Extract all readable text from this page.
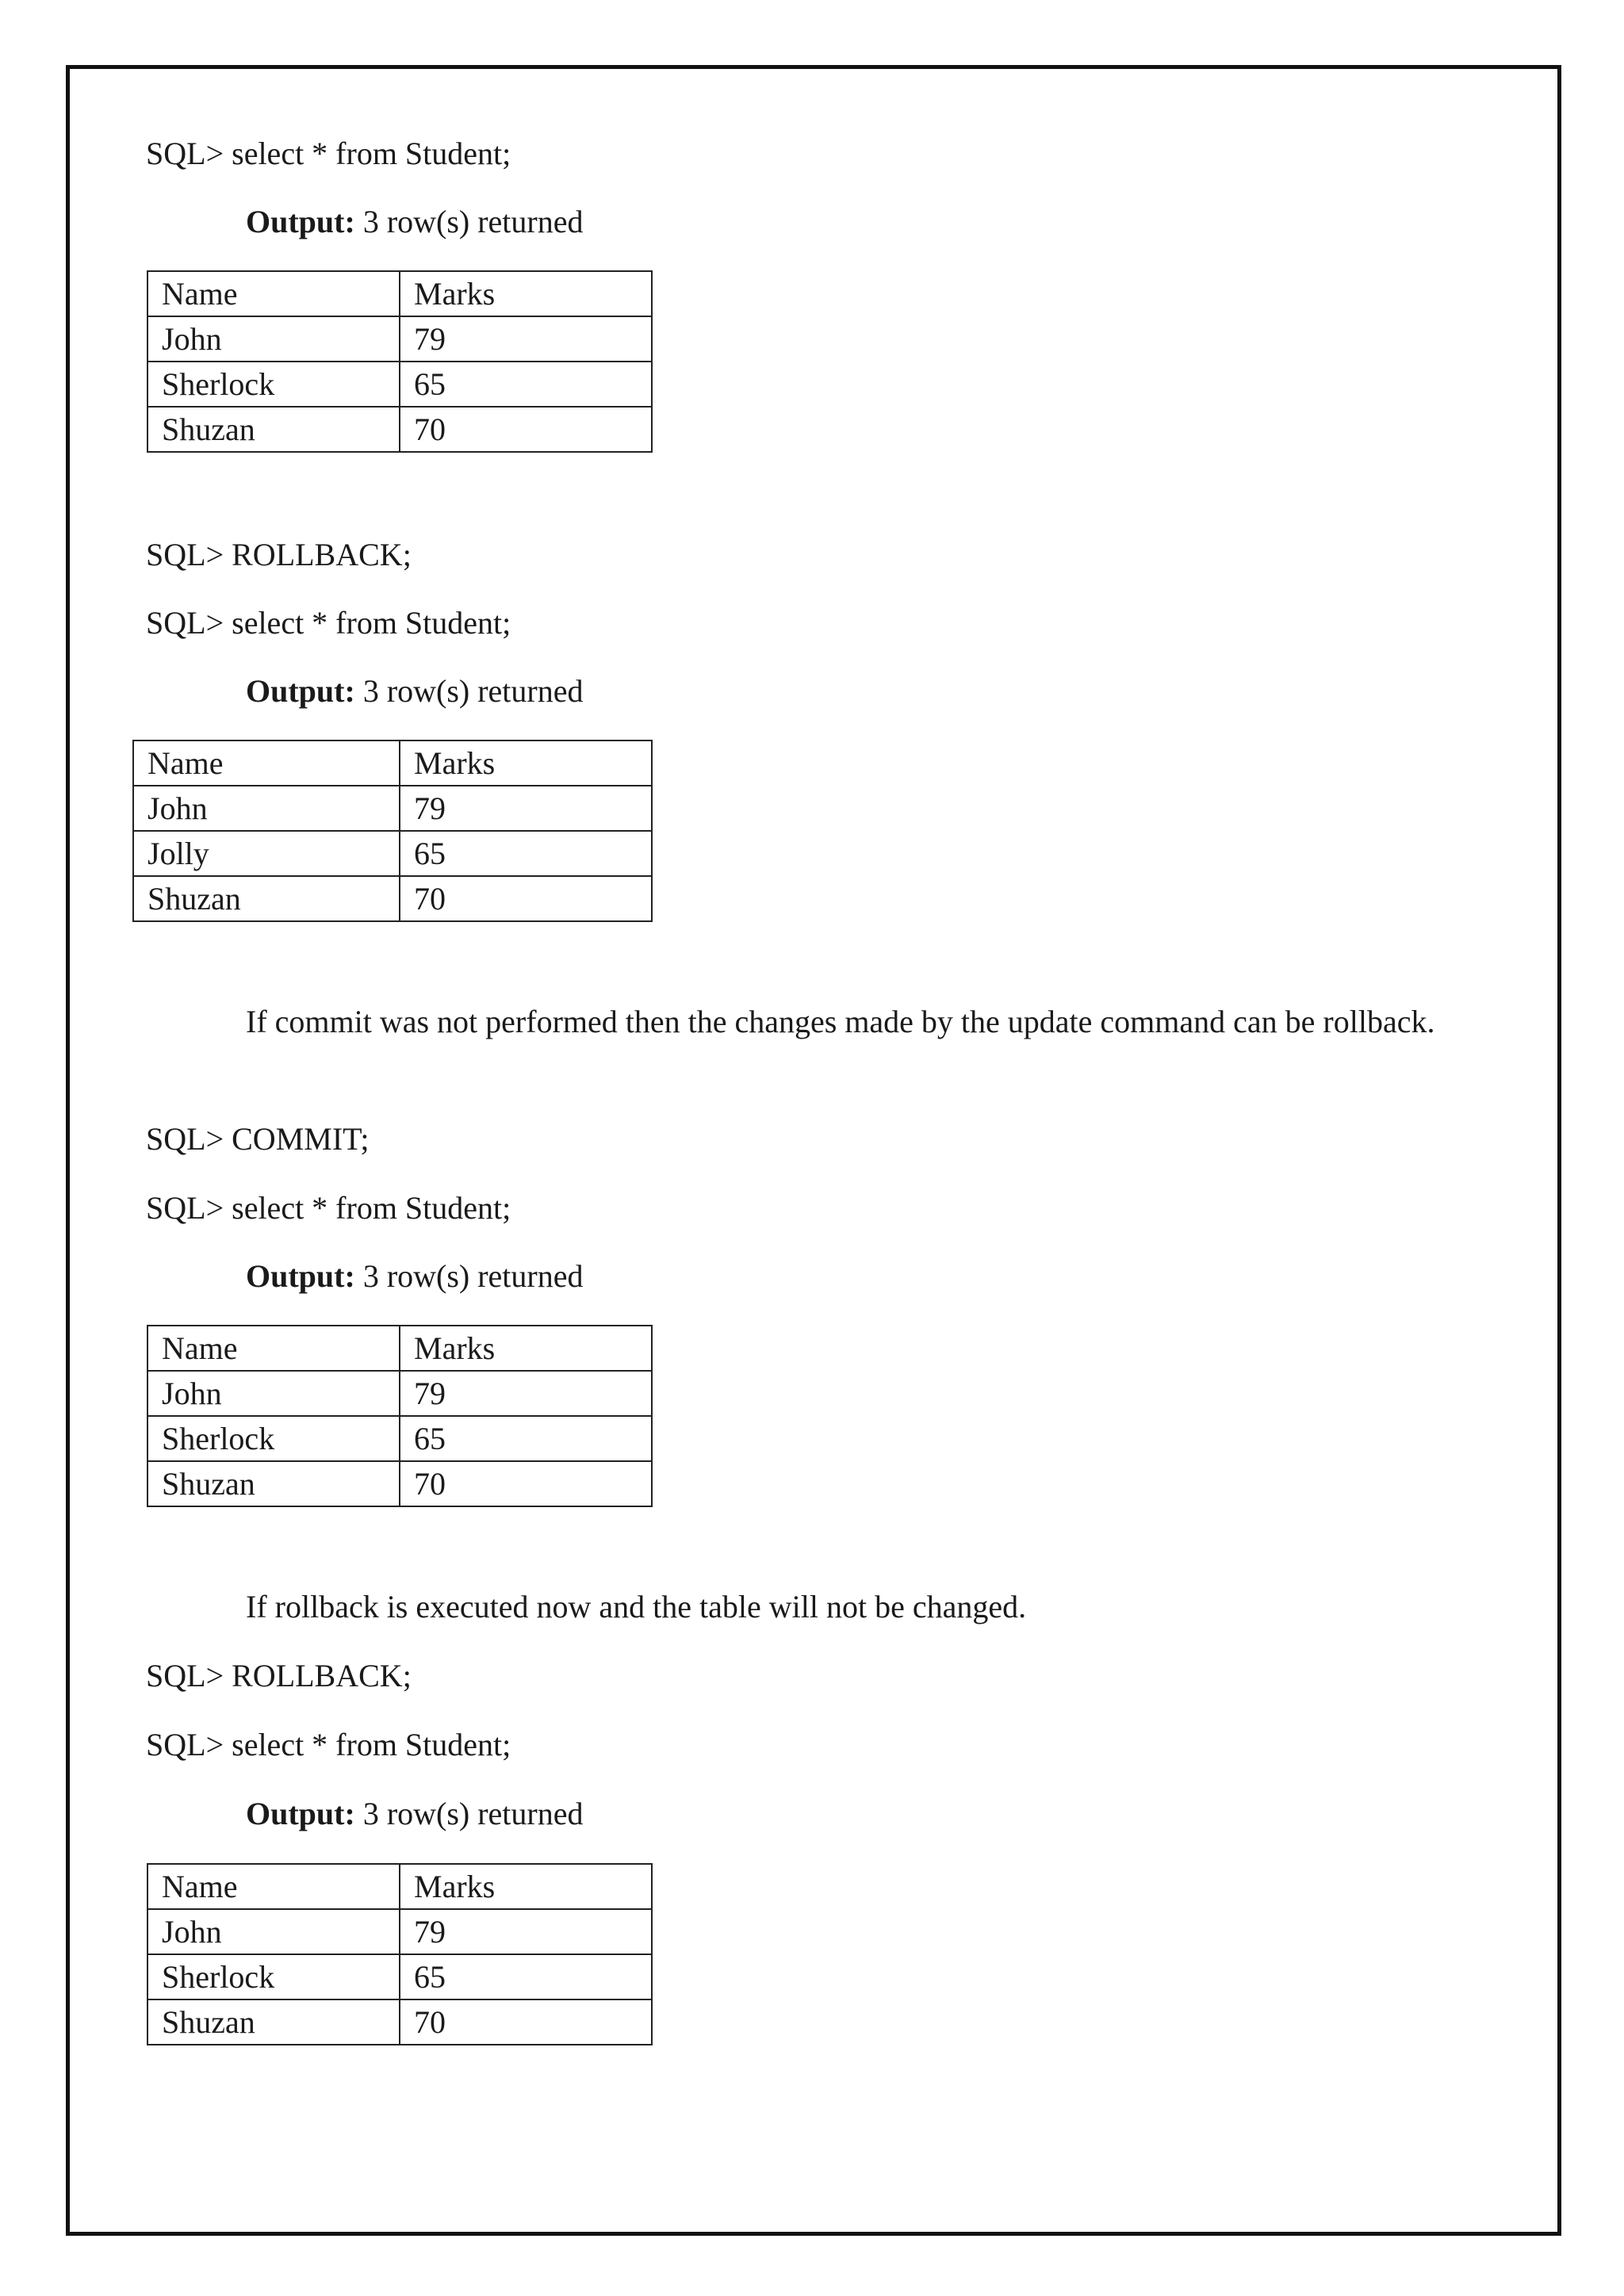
SQL> select * from Student;
Output: 3 row(s) returned
Name	Marks
John	79
Sherlock	65
Shuzan	70
SQL> ROLLBACK;
SQL> select * from Student;
Output: 3 row(s) returned
Name	Marks
John	79
Jolly	65
Shuzan	70
If commit was not performed then the changes made by the update command can be rollback.
SQL> COMMIT;
SQL> select * from Student;
Output: 3 row(s) returned
Name	Marks
John	79
Sherlock	65
Shuzan	70
If rollback is executed now and the table will not be changed.
SQL> ROLLBACK;
SQL> select * from Student;
Output: 3 row(s) returned
Name	Marks
John	79
Sherlock	65
Shuzan	70
